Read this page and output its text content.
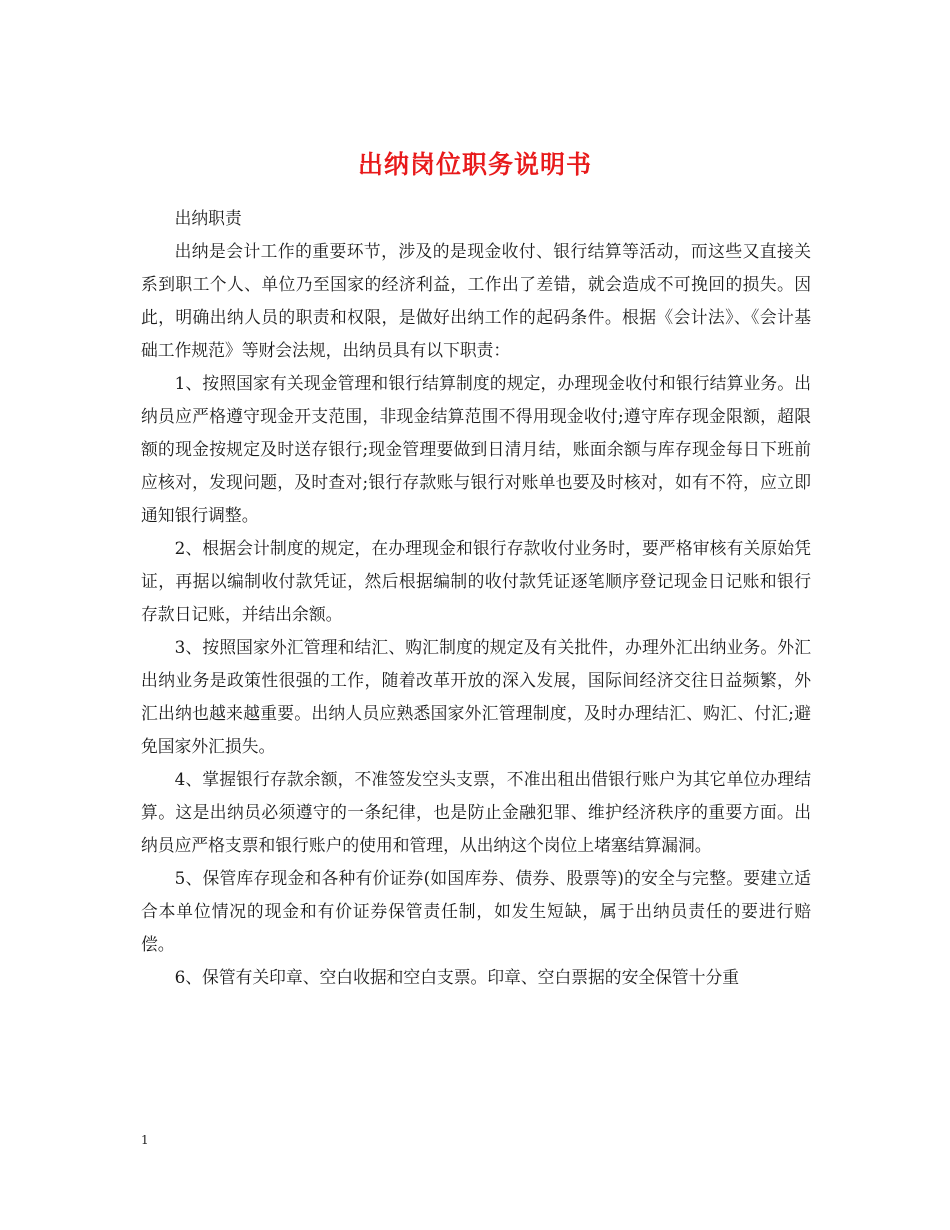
出纳岗位职务说明书

出纳职责

出纳是会计工作的重要环节，涉及的是现金收付、银行结算等活动，而这些又直接关系到职工个人、单位乃至国家的经济利益，工作出了差错，就会造成不可挽回的损失。因此，明确出纳人员的职责和权限，是做好出纳工作的起码条件。根据《会计法》、《会计基础工作规范》等财会法规，出纳员具有以下职责：

1、按照国家有关现金管理和银行结算制度的规定，办理现金收付和银行结算业务。出纳员应严格遵守现金开支范围，非现金结算范围不得用现金收付;遵守库存现金限额，超限额的现金按规定及时送存银行;现金管理要做到日清月结，账面余额与库存现金每日下班前应核对，发现问题，及时查对;银行存款账与银行对账单也要及时核对，如有不符，应立即通知银行调整。

2、根据会计制度的规定，在办理现金和银行存款收付业务时，要严格审核有关原始凭证，再据以编制收付款凭证，然后根据编制的收付款凭证逐笔顺序登记现金日记账和银行存款日记账，并结出余额。

3、按照国家外汇管理和结汇、购汇制度的规定及有关批件，办理外汇出纳业务。外汇出纳业务是政策性很强的工作，随着改革开放的深入发展，国际间经济交往日益频繁，外汇出纳也越来越重要。出纳人员应熟悉国家外汇管理制度，及时办理结汇、购汇、付汇;避免国家外汇损失。

4、掌握银行存款余额，不准签发空头支票，不准出租出借银行账户为其它单位办理结算。这是出纳员必须遵守的一条纪律，也是防止金融犯罪、维护经济秩序的重要方面。出纳员应严格支票和银行账户的使用和管理，从出纳这个岗位上堵塞结算漏洞。

5、保管库存现金和各种有价证券(如国库券、债券、股票等)的安全与完整。要建立适合本单位情况的现金和有价证券保管责任制，如发生短缺，属于出纳员责任的要进行赔偿。

6、保管有关印章、空白收据和空白支票。印章、空白票据的安全保管十分重

1
